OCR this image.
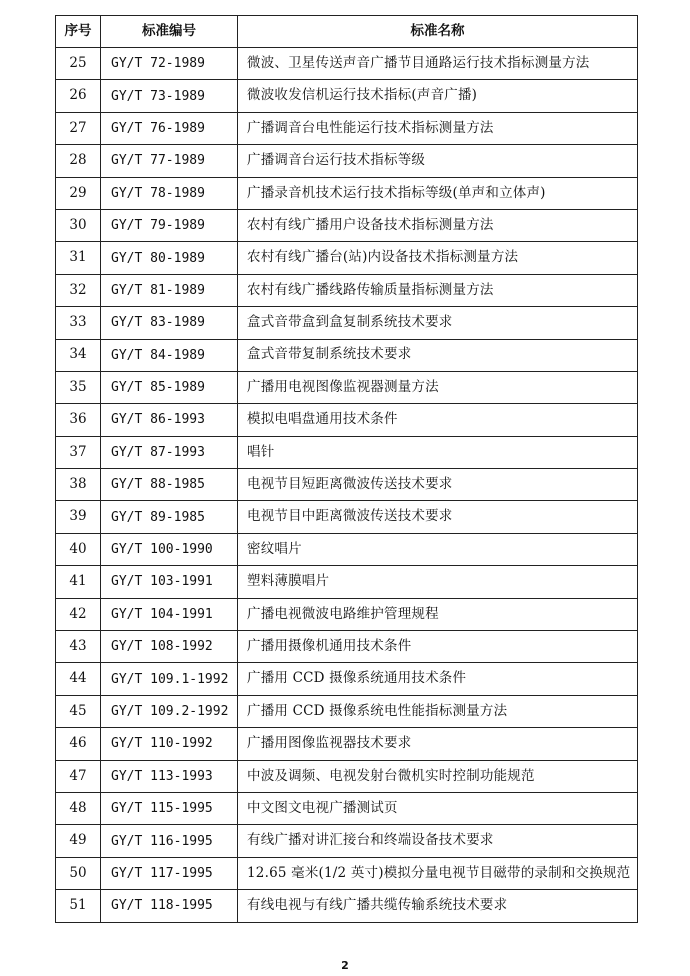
序号	标准编号	标准名称
25	GY/T 72-1989	微波、卫星传送声音广播节目通路运行技术指标测量方法
26	GY/T 73-1989	微波收发信机运行技术指标(声音广播)
27	GY/T 76-1989	广播调音台电性能运行技术指标测量方法
28	GY/T 77-1989	广播调音台运行技术指标等级
29	GY/T 78-1989	广播录音机技术运行技术指标等级(单声和立体声)
30	GY/T 79-1989	农村有线广播用户设备技术指标测量方法
31	GY/T 80-1989	农村有线广播台(站)内设备技术指标测量方法
32	GY/T 81-1989	农村有线广播线路传输质量指标测量方法
33	GY/T 83-1989	盒式音带盒到盒复制系统技术要求
34	GY/T 84-1989	盒式音带复制系统技术要求
35	GY/T 85-1989	广播用电视图像监视器测量方法
36	GY/T 86-1993	模拟电唱盘通用技术条件
37	GY/T 87-1993	唱针
38	GY/T 88-1985	电视节目短距离微波传送技术要求
39	GY/T 89-1985	电视节目中距离微波传送技术要求
40	GY/T 100-1990	密纹唱片
41	GY/T 103-1991	塑料薄膜唱片
42	GY/T 104-1991	广播电视微波电路维护管理规程
43	GY/T 108-1992	广播用摄像机通用技术条件
44	GY/T 109.1-1992	广播用 CCD 摄像系统通用技术条件
45	GY/T 109.2-1992	广播用 CCD 摄像系统电性能指标测量方法
46	GY/T 110-1992	广播用图像监视器技术要求
47	GY/T 113-1993	中波及调频、电视发射台微机实时控制功能规范
48	GY/T 115-1995	中文图文电视广播测试页
49	GY/T 116-1995	有线广播对讲汇接台和终端设备技术要求
50	GY/T 117-1995	12.65 毫米(1/2 英寸)模拟分量电视节目磁带的录制和交换规范
51	GY/T 118-1995	有线电视与有线广播共缆传输系统技术要求
2
